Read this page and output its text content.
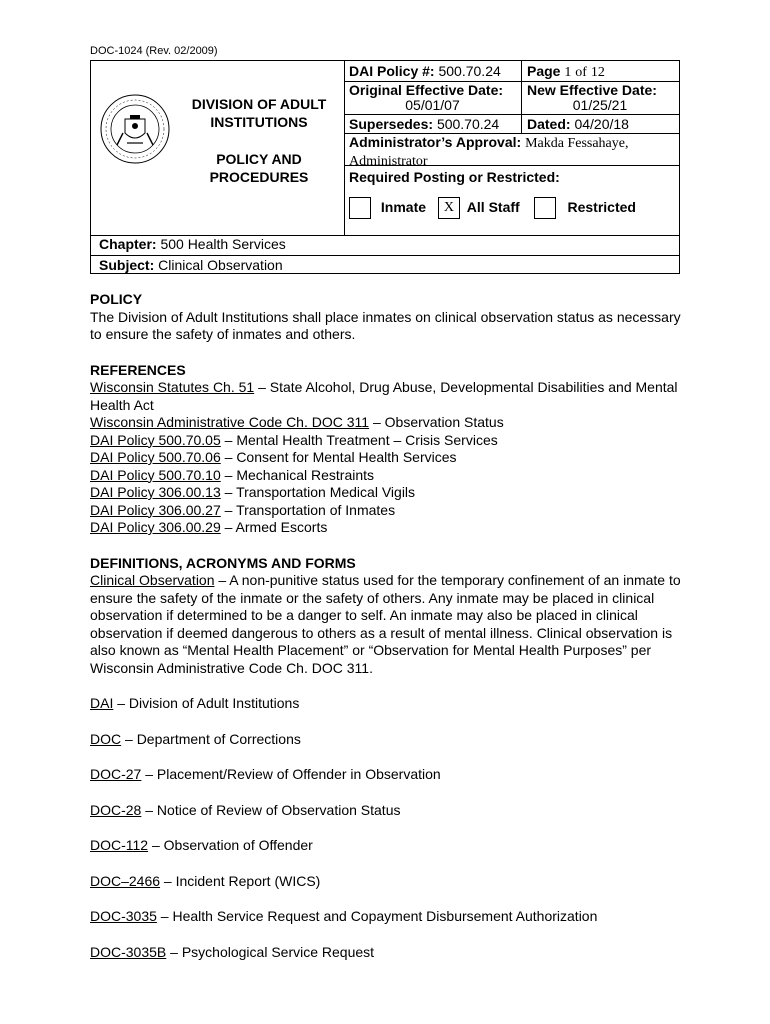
DOC-1024 (Rev. 02/2009)
DIVISION OF ADULT
INSTITUTIONS
POLICY AND
PROCEDURES
DAI Policy #: 500.70.24 Page 1 of 12
Original Effective Date:
05/01/07
New Effective Date:
01/25/21
Supersedes: 500.70.24 Dated: 04/20/18
Administrator’s Approval: Makda Fessahaye,
Administrator
Required Posting or Restricted:
Inmate X All Staff	Restricted
Chapter: 500 Health Services
Subject: Clinical Observation

POLICY

The Division of Adult Institutions shall place inmates on clinical observation status as necessary to ensure the safety of inmates and others.

REFERENCES

Wisconsin Statutes Ch. 51 – State Alcohol, Drug Abuse, Developmental Disabilities and Mental Health Act

Wisconsin Administrative Code Ch. DOC 311 – Observation Status

DAI Policy 500.70.05 – Mental Health Treatment – Crisis Services

DAI Policy 500.70.06 – Consent for Mental Health Services

DAI Policy 500.70.10 – Mechanical Restraints

DAI Policy 306.00.13 – Transportation Medical Vigils

DAI Policy 306.00.27 – Transportation of Inmates

DAI Policy 306.00.29 – Armed Escorts

DEFINITIONS, ACRONYMS AND FORMS

Clinical Observation – A non-punitive status used for the temporary confinement of an inmate to ensure the safety of the inmate or the safety of others. Any inmate may be placed in clinical observation if determined to be a danger to self. An inmate may also be placed in clinical observation if deemed dangerous to others as a result of mental illness. Clinical observation is also known as “Mental Health Placement” or “Observation for Mental Health Purposes” per Wisconsin Administrative Code Ch. DOC 311.

DAI – Division of Adult Institutions

DOC – Department of Corrections

DOC-27 – Placement/Review of Offender in Observation

DOC-28 – Notice of Review of Observation Status

DOC-112 – Observation of Offender

DOC–2466 – Incident Report (WICS)

DOC-3035 – Health Service Request and Copayment Disbursement Authorization

DOC-3035B – Psychological Service Request
